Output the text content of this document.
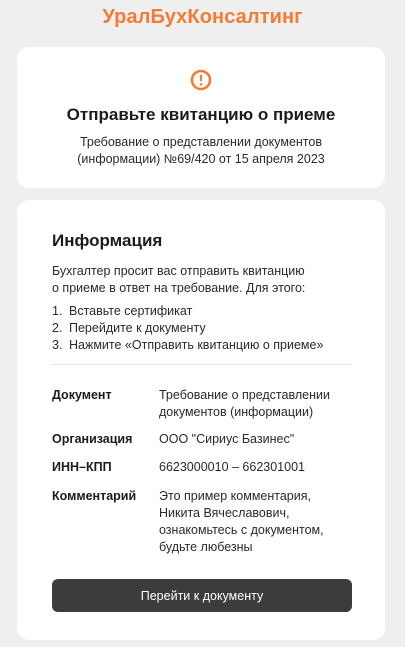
УралБухКонсалтинг
Отправьте квитанцию о приеме
Требование о представлении документов
(информации) №69/420 от 15 апреля 2023
Информация
Бухгалтер просит вас отправить квитанцию
о приеме в ответ на требование. Для этого:
1. Вставьте сертификат
2. Перейдите к документу
3. Нажмите «Отправить квитанцию о приеме»
Документ	Требование о представлении
документов (информации)
Организация ООО "Сириус Базинес"
ИНН–КПП	6623000010 – 662301001
Комментарий Это пример комментария,
Никита Вячеславович,
ознакомьтесь с документом,
будьте любезны
Перейти к документу
